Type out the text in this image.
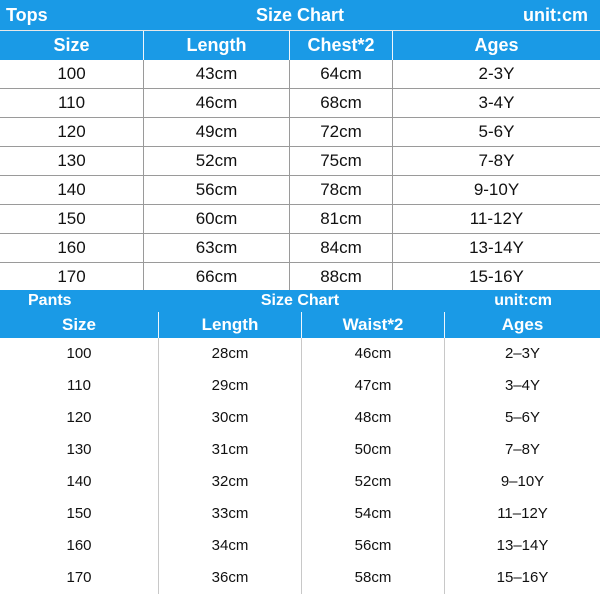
Tops	Size Chart	unit:cm
Size	Length	Chest*2	Ages
100	43cm	64cm	2-3Y
110	46cm	68cm	3-4Y
120	49cm	72cm	5-6Y
130	52cm	75cm	7-8Y
140	56cm	78cm	9-10Y
150	60cm	81cm	11-12Y
160	63cm	84cm	13-14Y
170	66cm	88cm	15-16Y
Pants	Size Chart	unit:cm
Size	Length	Waist*2	Ages
100	28cm	46cm	2–3Y
110	29cm	47cm	3–4Y
120	30cm	48cm	5–6Y
130	31cm	50cm	7–8Y
140	32cm	52cm	9–10Y
150	33cm	54cm	11–12Y
160	34cm	56cm	13–14Y
170	36cm	58cm	15–16Y
